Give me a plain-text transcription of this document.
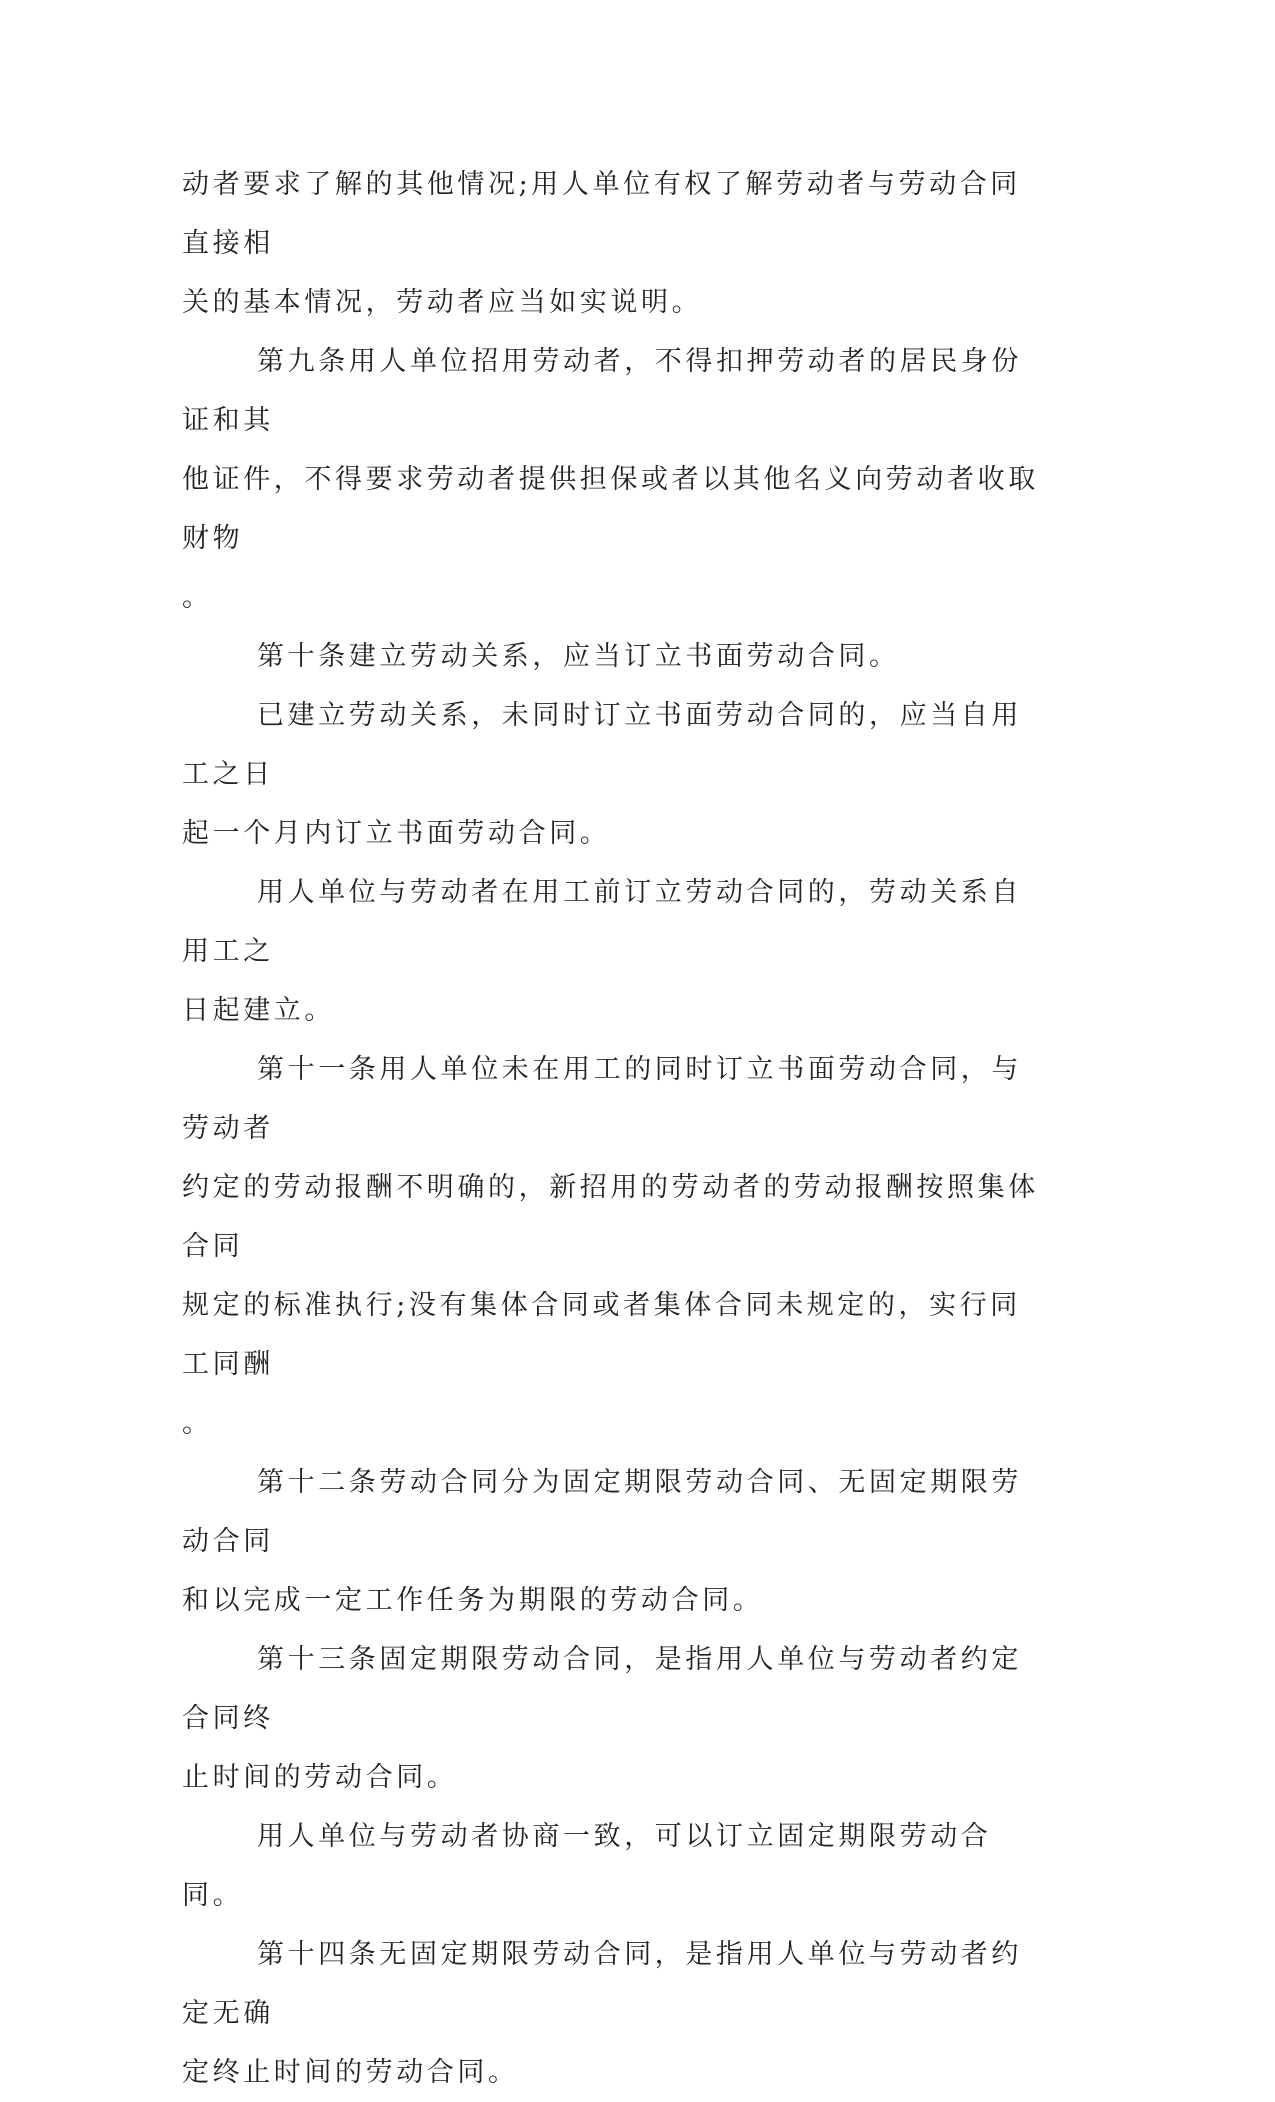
动者要求了解的其他情况;用人单位有权了解劳动者与劳动合同直接相
关的基本情况，劳动者应当如实说明。

第九条用人单位招用劳动者，不得扣押劳动者的居民身份证和其
他证件，不得要求劳动者提供担保或者以其他名义向劳动者收取财物
。

第十条建立劳动关系，应当订立书面劳动合同。

已建立劳动关系，未同时订立书面劳动合同的，应当自用工之日
起一个月内订立书面劳动合同。

用人单位与劳动者在用工前订立劳动合同的，劳动关系自用工之
日起建立。

第十一条用人单位未在用工的同时订立书面劳动合同，与劳动者
约定的劳动报酬不明确的，新招用的劳动者的劳动报酬按照集体合同
规定的标准执行;没有集体合同或者集体合同未规定的，实行同工同酬
。

第十二条劳动合同分为固定期限劳动合同、无固定期限劳动合同
和以完成一定工作任务为期限的劳动合同。

第十三条固定期限劳动合同，是指用人单位与劳动者约定合同终
止时间的劳动合同。

用人单位与劳动者协商一致，可以订立固定期限劳动合同。

第十四条无固定期限劳动合同，是指用人单位与劳动者约定无确
定终止时间的劳动合同。
